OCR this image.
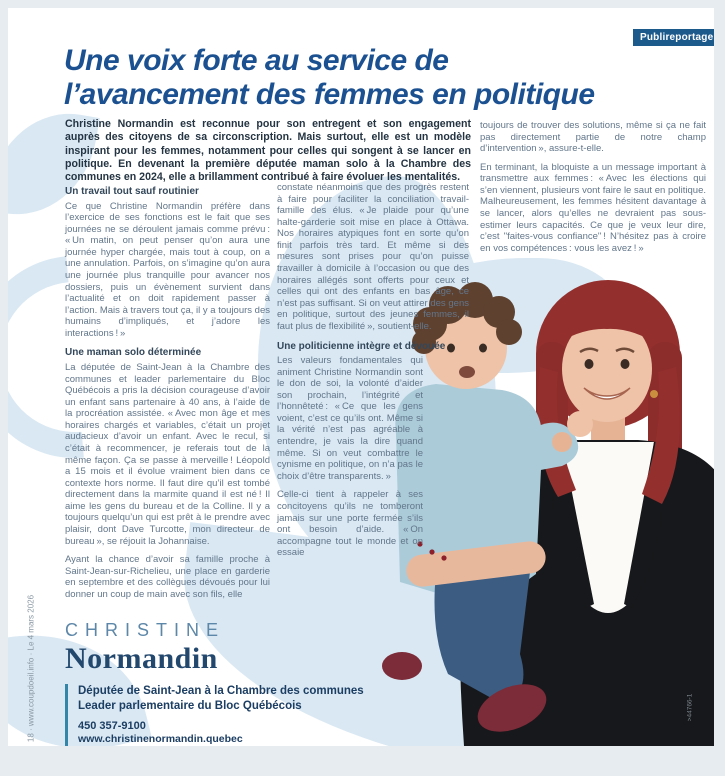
Publireportage
Une voix forte au service de
l’avancement des femmes en politique
Christine Normandin est reconnue pour son entregent et son engagement auprès des citoyens de sa circonscription. Mais surtout, elle est un modèle inspirant pour les femmes, notamment pour celles qui songent à se lancer en politique. En devenant la première députée maman solo à la Chambre des communes en 2024, elle a brillamment contribué à faire évoluer les mentalités.
Un travail tout sauf routinier

Ce que Christine Normandin préfère dans l’exercice de ses fonctions est le fait que ses journées ne se déroulent jamais comme prévu : « Un matin, on peut penser qu’on aura une journée hyper chargée, mais tout à coup, on a une annulation. Parfois, on s’imagine qu’on aura une journée plus tranquille pour avancer nos dossiers, puis un évènement survient dans l’actualité et on doit rapidement passer à l’action. Mais à travers tout ça, il y a toujours des humains d’impliqués, et j’adore les interactions ! »

Une maman solo déterminée

La députée de Saint-Jean à la Chambre des communes et leader parlementaire du Bloc Québécois a pris la décision courageuse d’avoir un enfant sans partenaire à 40 ans, à l’aide de la procréation assistée. « Avec mon âge et mes horaires chargés et variables, c’était un projet audacieux d’avoir un enfant. Avec le recul, si c’était à recommencer, je referais tout de la même façon. Ça se passe à merveille ! Léopold a 15 mois et il évolue vraiment bien dans ce contexte hors norme. Il faut dire qu’il est tombé directement dans la marmite quand il est né ! Il aime les gens du bureau et de la Colline. Il y a toujours quelqu’un qui est prêt à le prendre avec plaisir, dont Dave Turcotte, mon directeur de bureau », se réjouit la Johannaise.

Ayant la chance d’avoir sa famille proche à Saint-Jean-sur-Richelieu, une place en garderie en septembre et des collègues dévoués pour lui donner un coup de main avec son fils, elle

constate néanmoins que des progrès restent à faire pour faciliter la conciliation travail-famille des élus. « Je plaide pour qu’une halte-garderie soit mise en place à Ottawa. Nos horaires atypiques font en sorte qu’on finit parfois très tard. Et même si des mesures sont prises pour qu’on puisse travailler à domicile à l’occasion ou que des horaires allégés sont offerts pour ceux et celles qui ont des enfants en bas âge, ce n’est pas suffisant. Si on veut attirer des gens en politique, surtout des jeunes femmes, il faut plus de flexibilité », soutient-elle.

Une politicienne intègre et dévouée

Les valeurs fondamentales qui animent Christine Normandin sont le don de soi, la volonté d’aider son prochain, l’intégrité et l’honnêteté : « Ce que les gens voient, c’est ce qu’ils ont. Même si la vérité n’est pas agréable à entendre, je vais la dire quand même. Si on veut combattre le cynisme en politique, on n’a pas le choix d’être transparents. »

Celle-ci tient à rappeler à ses concitoyens qu’ils ne tomberont jamais sur une porte fermée s’ils ont besoin d’aide. « On accompagne tout le monde et on essaie

toujours de trouver des solutions, même si ça ne fait pas directement partie de notre champ d’intervention », assure-t-elle.

En terminant, la bloquiste a un message important à transmettre aux femmes : « Avec les élections qui s’en viennent, plusieurs vont faire le saut en politique. Malheureusement, les femmes hésitent davantage à se lancer, alors qu’elles ne devraient pas sous-estimer leurs capacités. Ce que je veux leur dire, c’est "faites-vous confiance" ! N’hésitez pas à croire en vos compétences : vous les avez ! »

CHRISTINE
Normandin
Députée de Saint-Jean à la Chambre des communes
Leader parlementaire du Bloc Québécois
450 357-9100
www.christinenormandin.quebec
18 · www.coupdoeil.info · Le 4 mars 2026	>44766-1
